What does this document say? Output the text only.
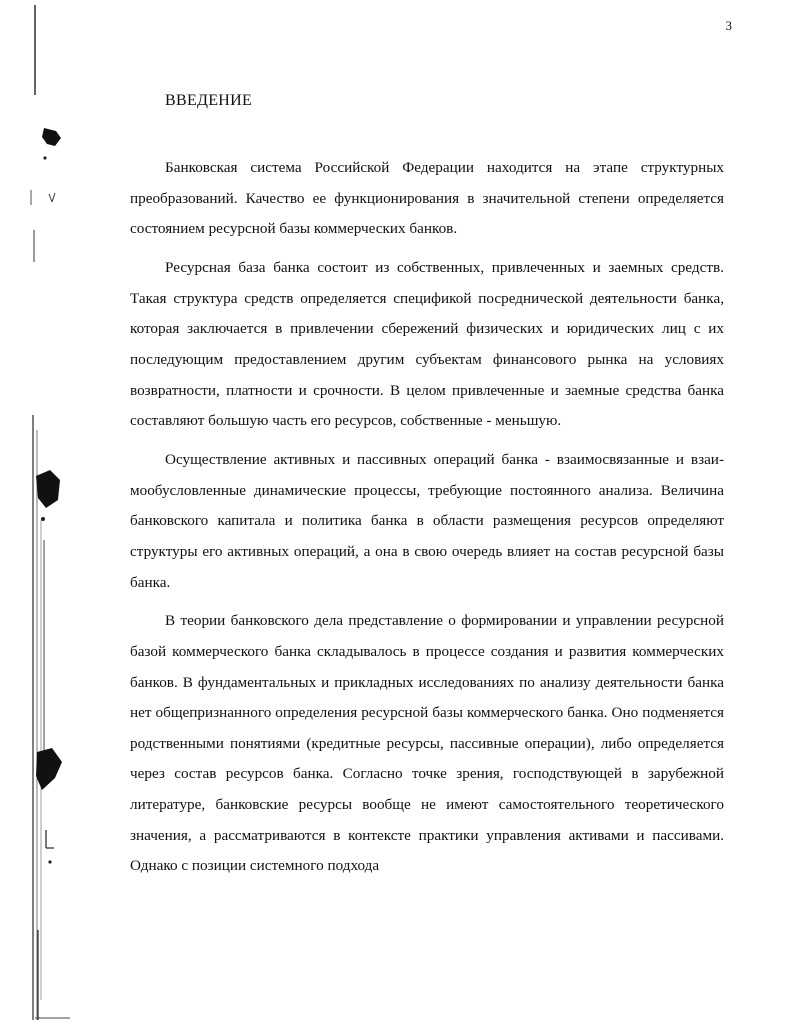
3
ВВЕДЕНИЕ

Банковская система Российской Федерации находится на этапе структурных преобразований. Качество ее функционирования в значительной степени определяется состоянием ресурсной базы коммерческих банков.

Ресурсная база банка состоит из собственных, привлеченных и заемных средств. Такая структура средств определяется спецификой посреднической деятельности банка, которая заключается в привлечении сбережений физических и юридических лиц с их последующим предоставлением другим субъектам финансового рынка на условиях возвратности, платности и срочности. В целом привлеченные и заемные средства банка составляют большую часть его ресурсов, собственные - меньшую.

Осуществление активных и пассивных операций банка - взаимосвязанные и взаимообусловленные динамические процессы, требующие постоянного анализа. Величина банковского капитала и политика банка в области размещения ресурсов определяют структуры его активных операций, а она в свою очередь влияет на состав ресурсной базы банка.

В теории банковского дела представление о формировании и управлении ресурсной базой коммерческого банка складывалось в процессе создания и развития коммерческих банков. В фундаментальных и прикладных исследованиях по анализу деятельности банка нет общепризнанного определения ресурсной базы коммерческого банка. Оно подменяется родственными понятиями (кредитные ресурсы, пассивные операции), либо определяется через состав ресурсов банка. Согласно точке зрения, господствующей в зарубежной литературе, банковские ресурсы вообще не имеют самостоятельного теоретического значения, а рассматриваются в контексте практики управления активами и пассивами. Однако с позиции системного подхода
